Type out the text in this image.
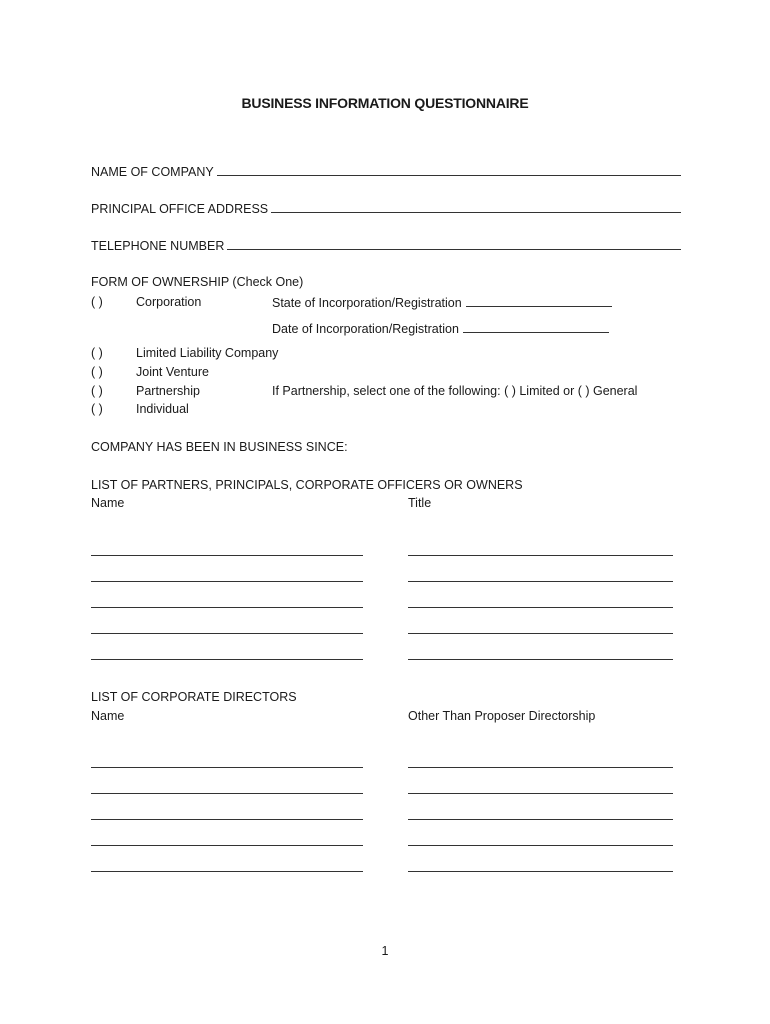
BUSINESS INFORMATION QUESTIONNAIRE
NAME OF COMPANY
PRINCIPAL OFFICE ADDRESS
TELEPHONE NUMBER
FORM OF OWNERSHIP (Check One)
( )	Corporation	State of Incorporation/Registration
Date of Incorporation/Registration
( )	Limited Liability Company
( )	Joint Venture
( )	Partnership	If Partnership, select one of the following: ( ) Limited or ( ) General
( )	Individual
COMPANY HAS BEEN IN BUSINESS SINCE:
LIST OF PARTNERS, PRINCIPALS, CORPORATE OFFICERS OR OWNERS
Name	Title
LIST OF CORPORATE DIRECTORS
Name	Other Than Proposer Directorship
1
